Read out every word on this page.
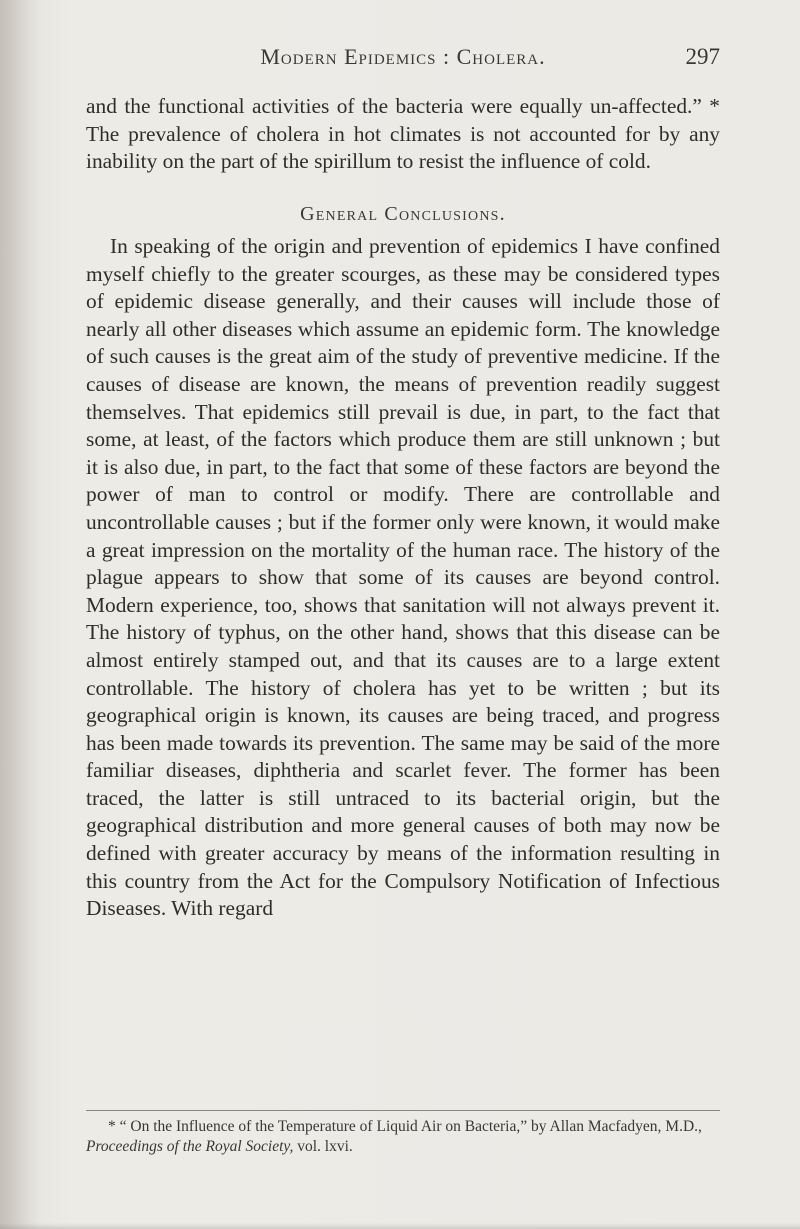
Modern Epidemics : Cholera.	297

and the functional activities of the bacteria were equally un-affected.” * The prevalence of cholera in hot climates is not accounted for by any inability on the part of the spirillum to resist the influence of cold.

General Conclusions.

In speaking of the origin and prevention of epidemics I have confined myself chiefly to the greater scourges, as these may be considered types of epidemic disease generally, and their causes will include those of nearly all other diseases which assume an epidemic form. The knowledge of such causes is the great aim of the study of preventive medicine. If the causes of disease are known, the means of prevention readily suggest themselves. That epidemics still prevail is due, in part, to the fact that some, at least, of the factors which produce them are still unknown ; but it is also due, in part, to the fact that some of these factors are beyond the power of man to control or modify. There are controllable and uncontrollable causes ; but if the former only were known, it would make a great impression on the mortality of the human race. The history of the plague appears to show that some of its causes are beyond control. Modern experience, too, shows that sanitation will not always prevent it. The history of typhus, on the other hand, shows that this disease can be almost entirely stamped out, and that its causes are to a large extent controllable. The history of cholera has yet to be written ; but its geographical origin is known, its causes are being traced, and progress has been made towards its prevention. The same may be said of the more familiar diseases, diphtheria and scarlet fever. The former has been traced, the latter is still untraced to its bacterial origin, but the geographical distribution and more general causes of both may now be defined with greater accuracy by means of the information resulting in this country from the Act for the Compulsory Notification of Infectious Diseases. With regard

* “ On the Influence of the Temperature of Liquid Air on Bacteria,” by Allan Macfadyen, M.D., Proceedings of the Royal Society, vol. lxvi.
